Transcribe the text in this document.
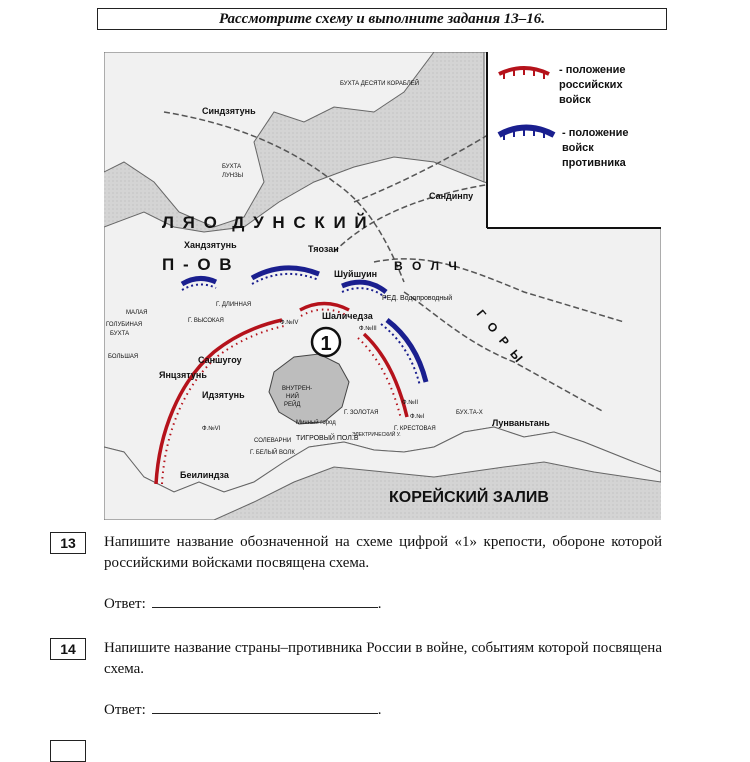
Рассмотрите схему и выполните задания 13–16.
- положение
российских
войск
- положение
войск
противника
1
Л Я О  Д У Н С К И Й
П - О В
Синдзятунь
БУХТА ДЕСЯТИ КОРАБЛЕЙ
БУХТА
ЛУНЗЫ
Хандзятунь	Тяозан
Шуйшуин
Сандинпу
В О Л Ч
Г О Р Ы
Г. ДЛИННАЯ
Г. ВЫСОКАЯ
РЕД. Водопроводный
Шаличедза
Ф.№IV
Ф.№III
ГОЛУБИНАЯ
БУХТА
МАЛАЯ
БОЛЬШАЯ	Саншугоу
Янцзятунь
Идзятунь
ВНУТРЕН-
НИЙ
РЕЙД
Минный город
Г. ЗОЛОТАЯ
Г. КРЕСТОВАЯ
Ф.№II
Ф.№I
БУХ.ТА-Х
Лунваньтань
Ф.№VI
СОЛЕВАРНИ ТИГРОВЫЙ ПОЛ.В
ЭЛЕКТРИЧЕСКИЙ У.
Г. БЕЛЫЙ ВОЛК
Беилиндза
КОРЕЙСКИЙ ЗАЛИВ
13	Напишите название обозначенной на схеме цифрой «1» крепости, обороне которой российскими войсками посвящена схема.
Ответ:	.
14	Напишите название страны–противника России в войне, событиям которой посвящена схема.
Ответ:	.
